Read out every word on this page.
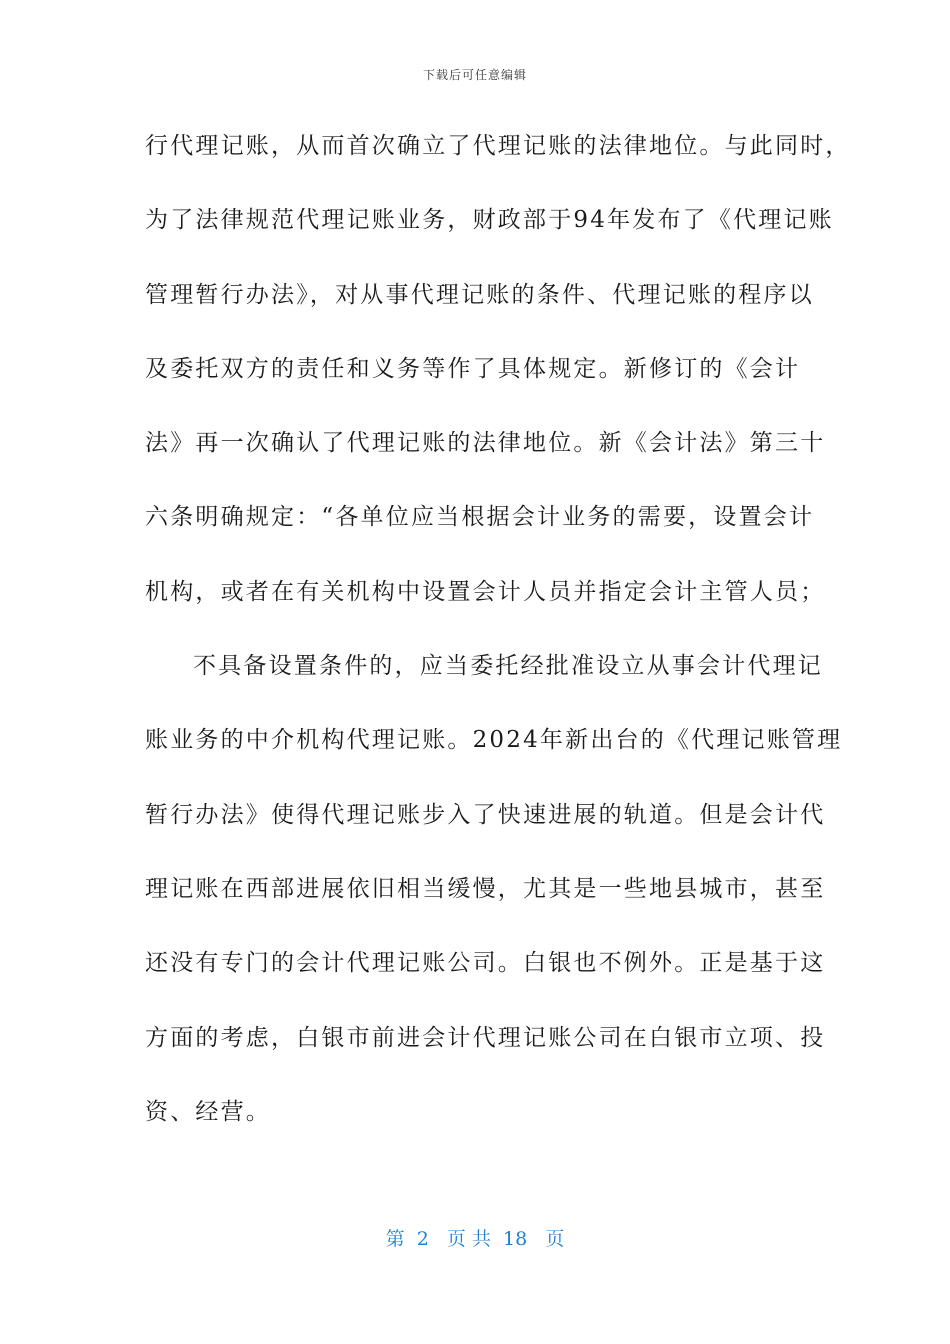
下载后可任意编辑
行代理记账，从而首次确立了代理记账的法律地位。与此同时，
为了法律规范代理记账业务，财政部于94年发布了《代理记账
管理暂行办法》，对从事代理记账的条件、代理记账的程序以
及委托双方的责任和义务等作了具体规定。新修订的《会计
法》再一次确认了代理记账的法律地位。新《会计法》第三十
六条明确规定：“各单位应当根据会计业务的需要，设置会计
机构，或者在有关机构中设置会计人员并指定会计主管人员；
不具备设置条件的，应当委托经批准设立从事会计代理记
账业务的中介机构代理记账。2024年新出台的《代理记账管理
暂行办法》使得代理记账步入了快速进展的轨道。但是会计代
理记账在西部进展依旧相当缓慢，尤其是一些地县城市，甚至
还没有专门的会计代理记账公司。白银也不例外。正是基于这
方面的考虑，白银市前进会计代理记账公司在白银市立项、投
资、经营。
第  2   页 共  18   页
